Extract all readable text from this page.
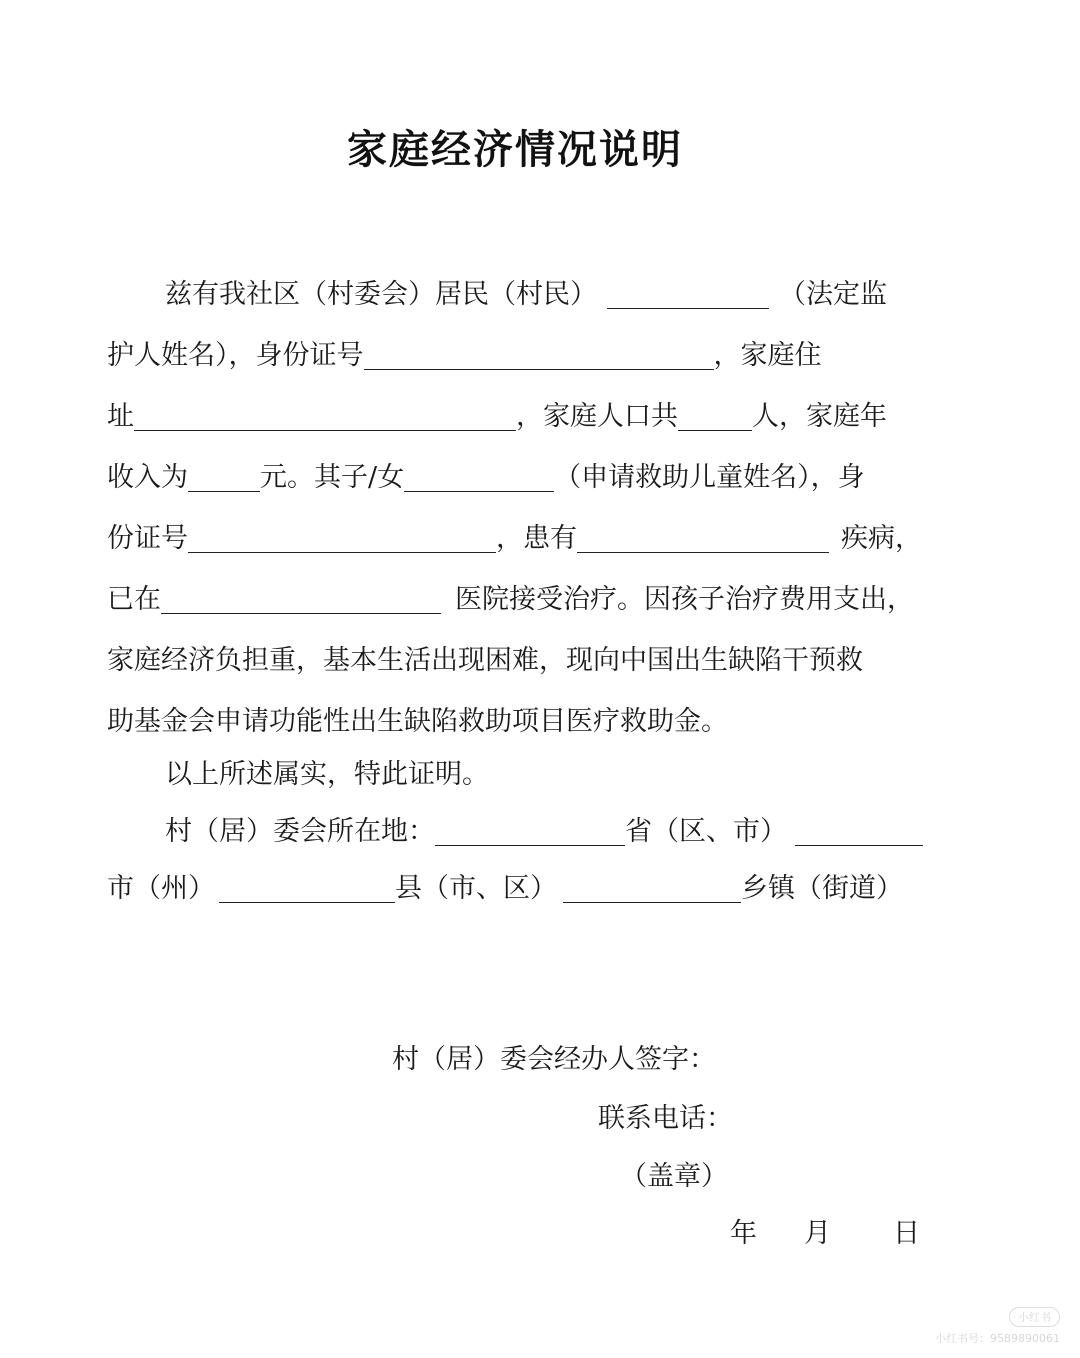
家庭经济情况说明
兹有我社区（村委会）居民（村民）	（法定监
护人姓名），身份证号	，家庭住
址	，家庭人口共	人，家庭年
收入为	元。其子/女	（申请救助儿童姓名），身
份证号	，患有	疾病，
已在	医院接受治疗。因孩子治疗费用支出，
家庭经济负担重，基本生活出现困难，现向中国出生缺陷干预救
助基金会申请功能性出生缺陷救助项目医疗救助金。
以上所述属实，特此证明。
村（居）委会所在地：	省（区、市）
市（州）	县（市、区）	乡镇（街道）
村（居）委会经办人签字：
联系电话：
（盖章）
年 月 日
小红书
小红书号：9589890061
